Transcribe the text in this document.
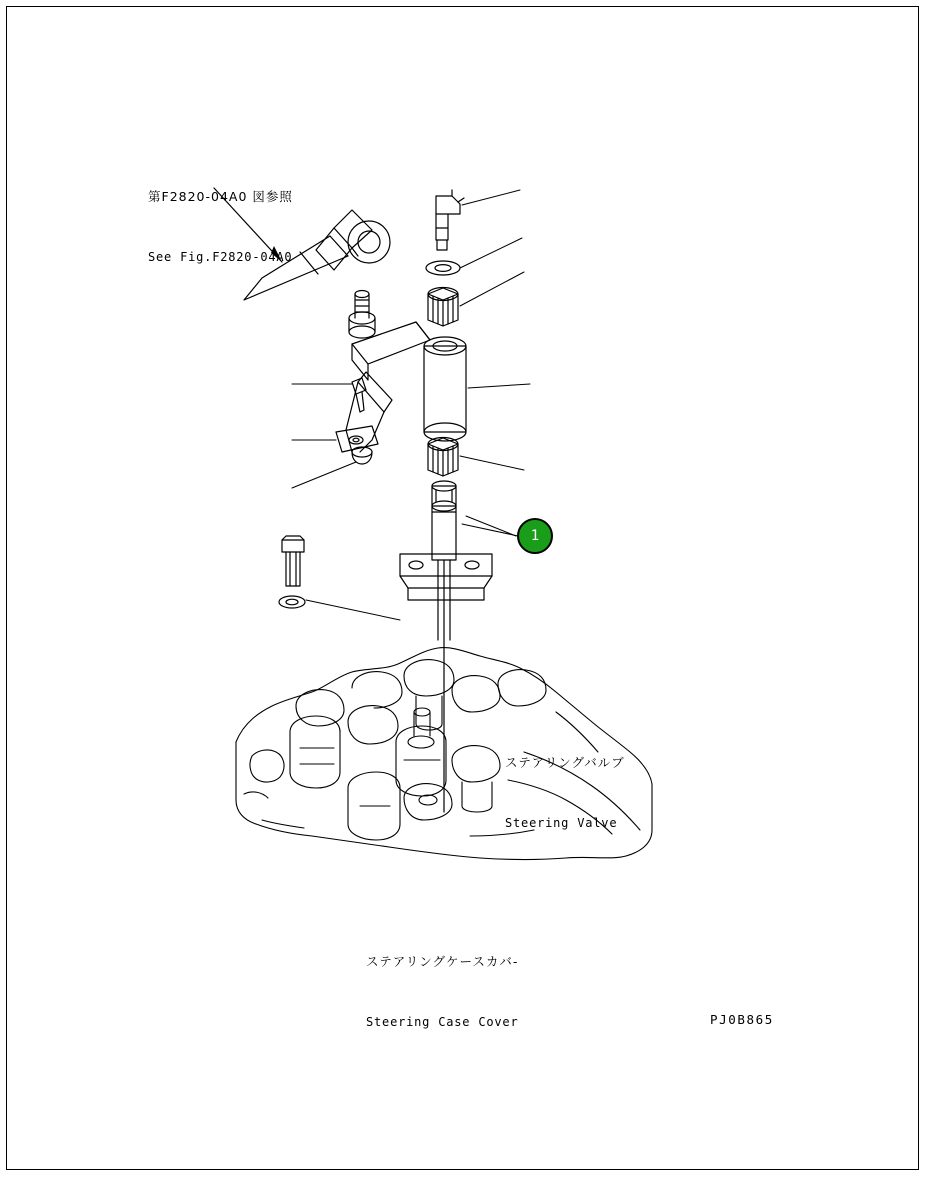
第F2820-04A0 図参照

See Fig.F2820-04A0

ステアリングバルブ

Steering Valve

ステアリングケースカバ-

Steering Case Cover

1
PJ0B865
